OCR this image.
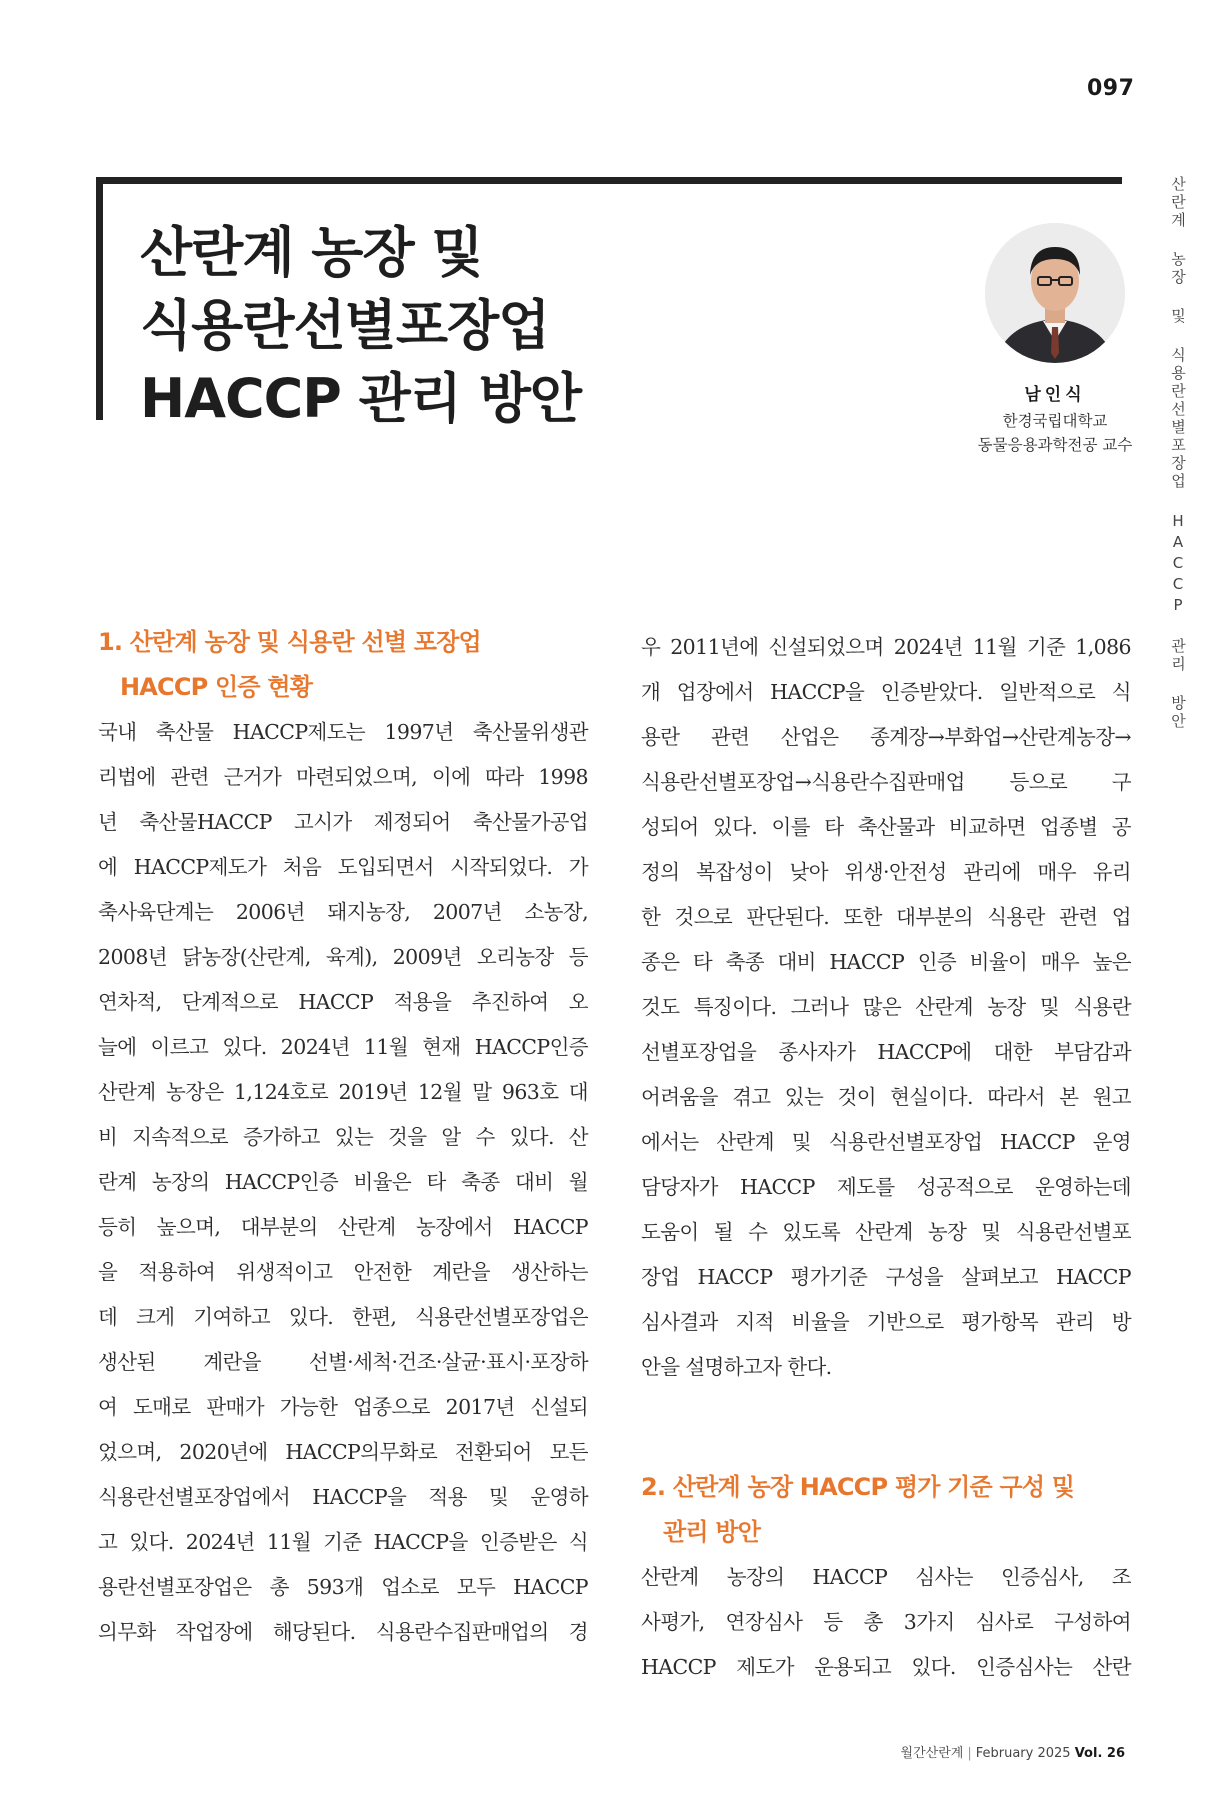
097
산란계 농장 및
식용란선별포장업
HACCP 관리 방안	남인식
한경국립대학교
동물응용과학전공 교수	산란계 농장 및 식용란선별포장업 HACCP 관리 방안
1. 산란계 농장 및 식용란 선별 포장업
HACCP 인증 현황
국내 축산물 HACCP제도는 1997년 축산물위생관
리법에 관련 근거가 마련되었으며, 이에 따라 1998
년 축산물HACCP 고시가 제정되어 축산물가공업
에 HACCP제도가 처음 도입되면서 시작되었다. 가
축사육단계는 2006년 돼지농장, 2007년 소농장,
2008년 닭농장(산란계, 육계), 2009년 오리농장 등
연차적, 단계적으로 HACCP 적용을 추진하여 오
늘에 이르고 있다. 2024년 11월 현재 HACCP인증
산란계 농장은 1,124호로 2019년 12월 말 963호 대
비 지속적으로 증가하고 있는 것을 알 수 있다. 산
란계 농장의 HACCP인증 비율은 타 축종 대비 월
등히 높으며, 대부분의 산란계 농장에서 HACCP
을 적용하여 위생적이고 안전한 계란을 생산하는
데 크게 기여하고 있다. 한편, 식용란선별포장업은
생산된 계란을 선별·세척·건조·살균·표시·포장하
여 도매로 판매가 가능한 업종으로 2017년 신설되
었으며, 2020년에 HACCP의무화로 전환되어 모든
식용란선별포장업에서 HACCP을 적용 및 운영하
고 있다. 2024년 11월 기준 HACCP을 인증받은 식
용란선별포장업은 총 593개 업소로 모두 HACCP
의무화 작업장에 해당된다. 식용란수집판매업의 경
우 2011년에 신설되었으며 2024년 11월 기준 1,086
개 업장에서 HACCP을 인증받았다. 일반적으로 식
용란 관련 산업은 종계장→부화업→산란계농장→
식용란선별포장업→식용란수집판매업 등으로 구
성되어 있다. 이를 타 축산물과 비교하면 업종별 공
정의 복잡성이 낮아 위생·안전성 관리에 매우 유리
한 것으로 판단된다. 또한 대부분의 식용란 관련 업
종은 타 축종 대비 HACCP 인증 비율이 매우 높은
것도 특징이다. 그러나 많은 산란계 농장 및 식용란
선별포장업을 종사자가 HACCP에 대한 부담감과
어려움을 겪고 있는 것이 현실이다. 따라서 본 원고
에서는 산란계 및 식용란선별포장업 HACCP 운영
담당자가 HACCP 제도를 성공적으로 운영하는데
도움이 될 수 있도록 산란계 농장 및 식용란선별포
장업 HACCP 평가기준 구성을 살펴보고 HACCP
심사결과 지적 비율을 기반으로 평가항목 관리 방
안을 설명하고자 한다.
2. 산란계 농장 HACCP 평가 기준 구성 및
관리 방안
산란계 농장의 HACCP 심사는 인증심사, 조
사평가, 연장심사 등 총 3가지 심사로 구성하여
HACCP 제도가 운용되고 있다. 인증심사는 산란
월간산란계 | February 2025 Vol. 26
